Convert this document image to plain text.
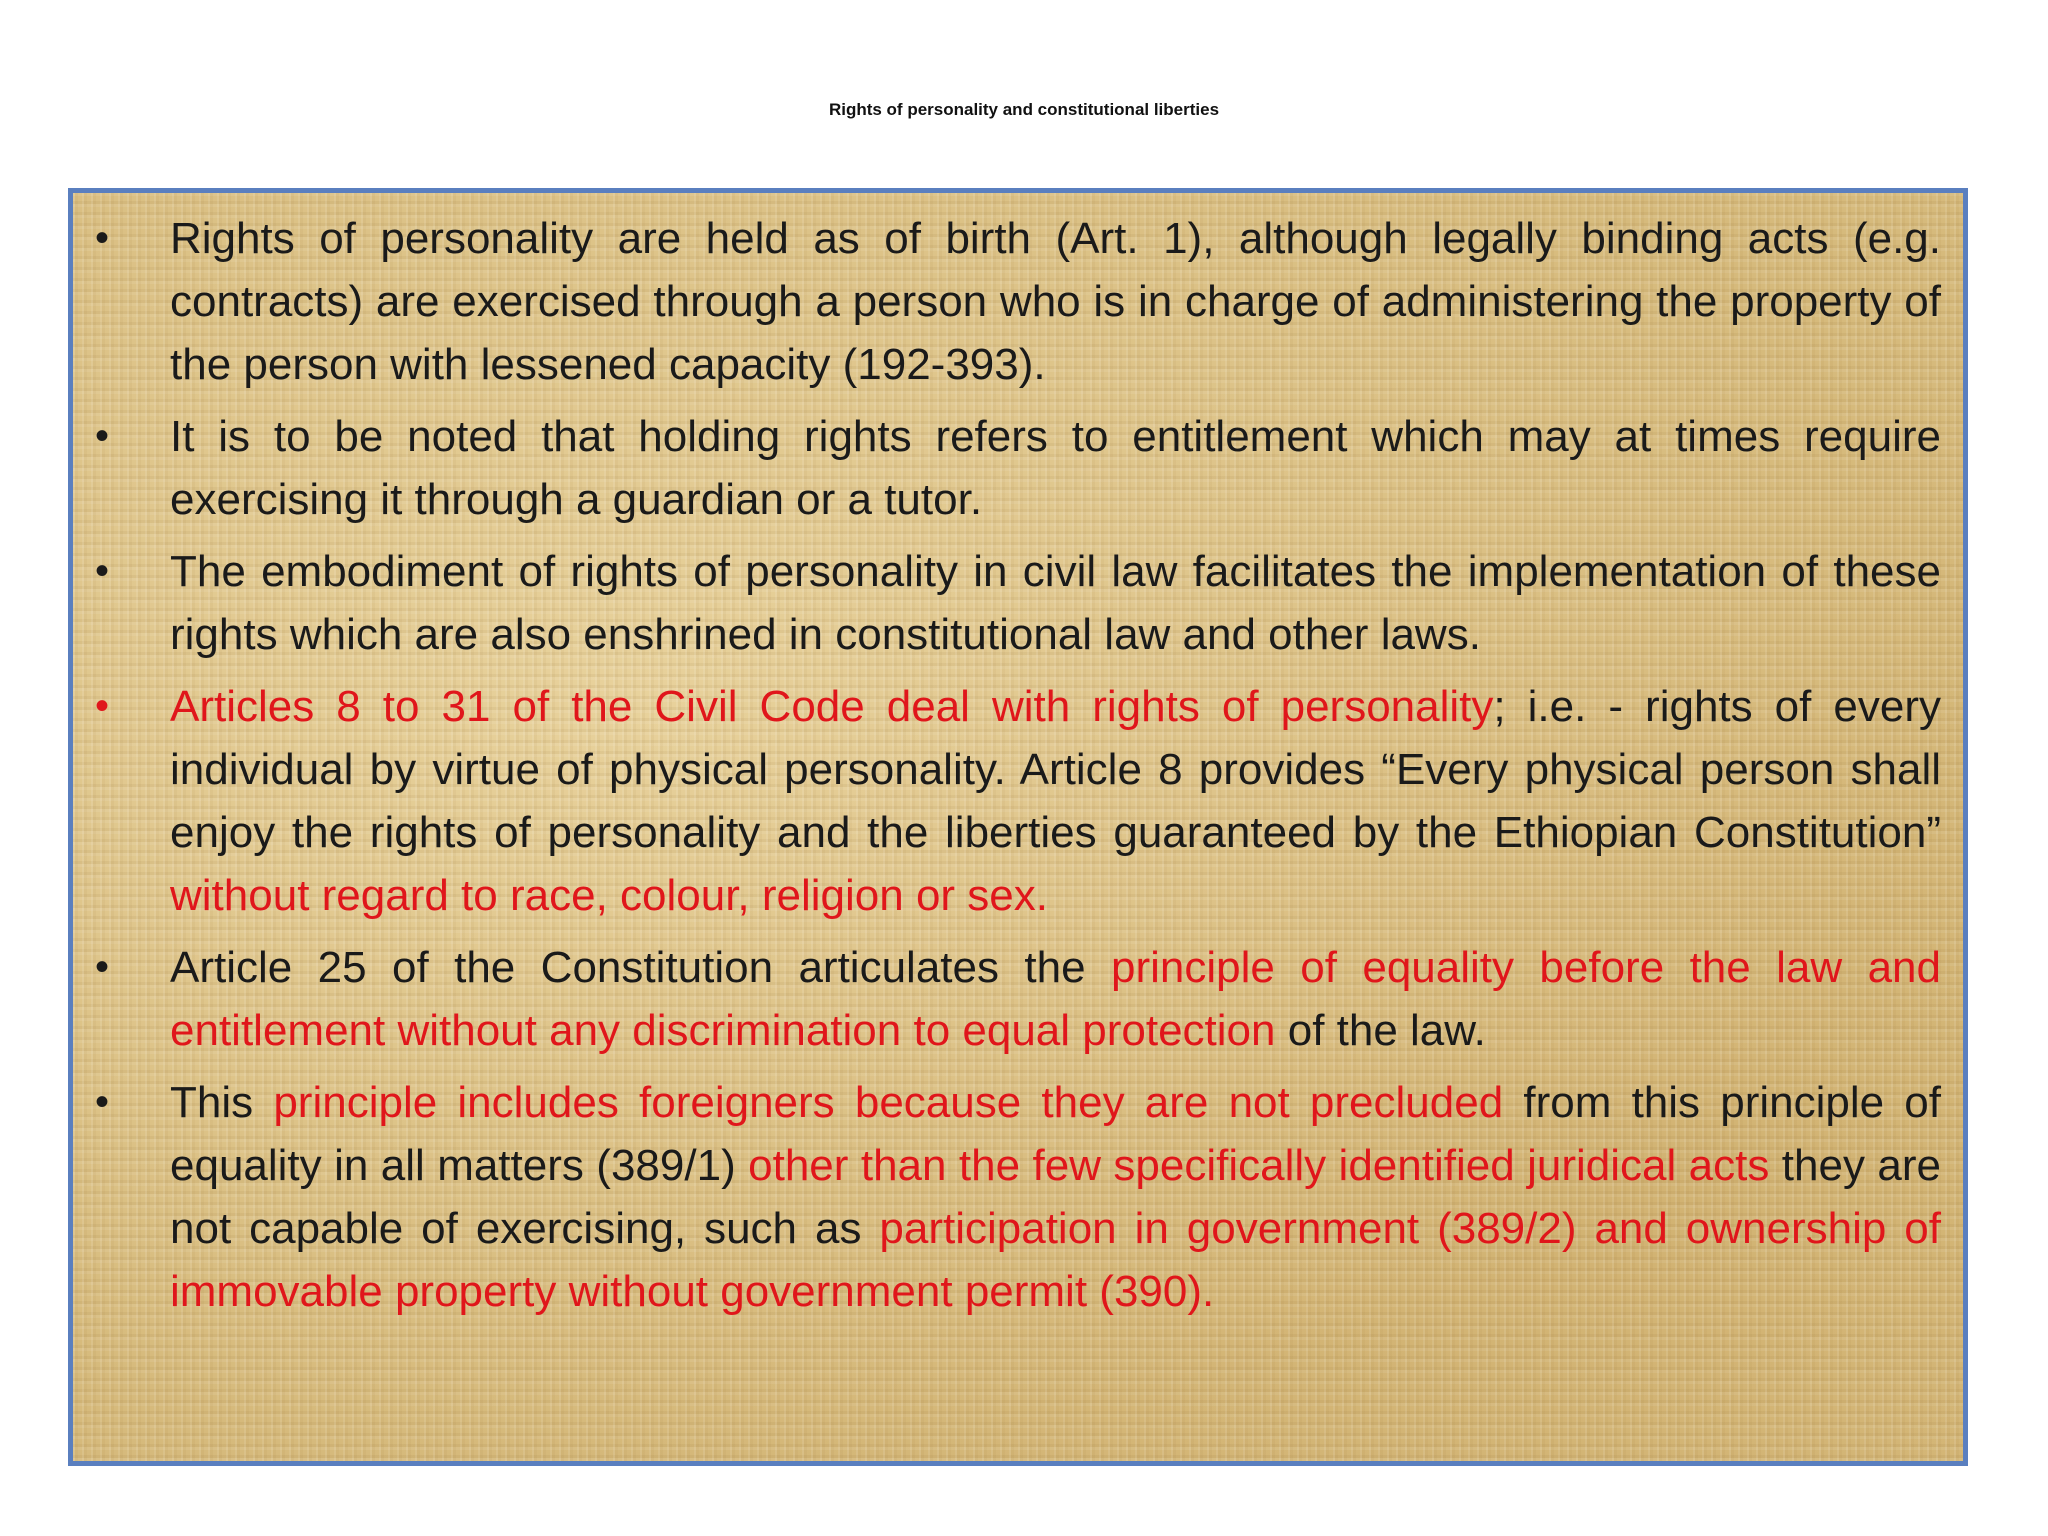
Rights of personality and constitutional liberties
• Rights of personality are held as of birth (Art. 1), although legally binding acts (e.g. contracts) are exercised through a person who is in charge of administering the property of the person with lessened capacity (192-393).
• It is to be noted that holding rights refers to entitlement which may at times require exercising it through a guardian or a tutor.
• The embodiment of rights of personality in civil law facilitates the implementation of these rights which are also enshrined in constitutional law and other laws.
• Articles 8 to 31 of the Civil Code deal with rights of personality; i.e. - rights of every individual by virtue of physical personality. Article 8 provides “Every physical person shall enjoy the rights of personality and the liberties guaranteed by the Ethiopian Constitution” without regard to race, colour, religion or sex.
• Article 25 of the Constitution articulates the principle of equality before the law and entitlement without any discrimination to equal protection of the law.
• This principle includes foreigners because they are not precluded from this principle of equality in all matters (389/1) other than the few specifically identified juridical acts they are not capable of exercising, such as participation in government (389/2) and ownership of immovable property without government permit (390).
